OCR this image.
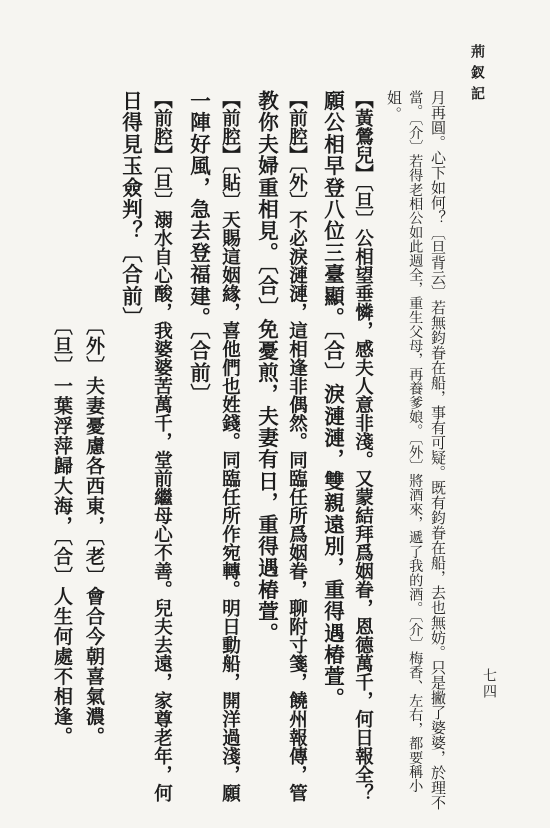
荊釵記
七四
月再圓。心下如何？〔旦背云〕若無鈞眷在船，事有可疑。既有鈞眷在船，去也無妨。只是撇了婆婆，於理不
當。〔介〕若得老相公如此週全，重生父母，再養爹娘。〔外〕將酒來，遞了我的酒。〔介〕梅香、左右，都要稱小
姐。
【黃鶯兒】〔旦〕公相望垂憐，感夫人意非淺。又蒙結拜爲姻眷，恩德萬千，何日報全？
願公相早登八位三臺顯。〔合〕淚漣漣，雙親遠別，重得遇椿萱。
【前腔】〔外〕不必淚漣漣，這相逢非偶然。同臨任所爲姻眷，聊附寸箋，饒州報傳，管
教你夫婦重相見。〔合〕免憂煎，夫妻有日，重得遇椿萱。
【前腔】〔貼〕天賜這姻緣，喜他們也姓錢。同臨任所作宛轉。明日動船，開洋過淺，願
一陣好風，急去登福建。〔合前〕
【前腔】〔旦〕溺水自心酸，我婆婆苦萬千，堂前繼母心不善。兒夫去遠，家尊老年，何
日得見玉僉判？〔合前〕
〔外〕夫妻憂慮各西東，〔老〕會合今朝喜氣濃。
〔旦〕一葉浮萍歸大海，〔合〕人生何處不相逢。
